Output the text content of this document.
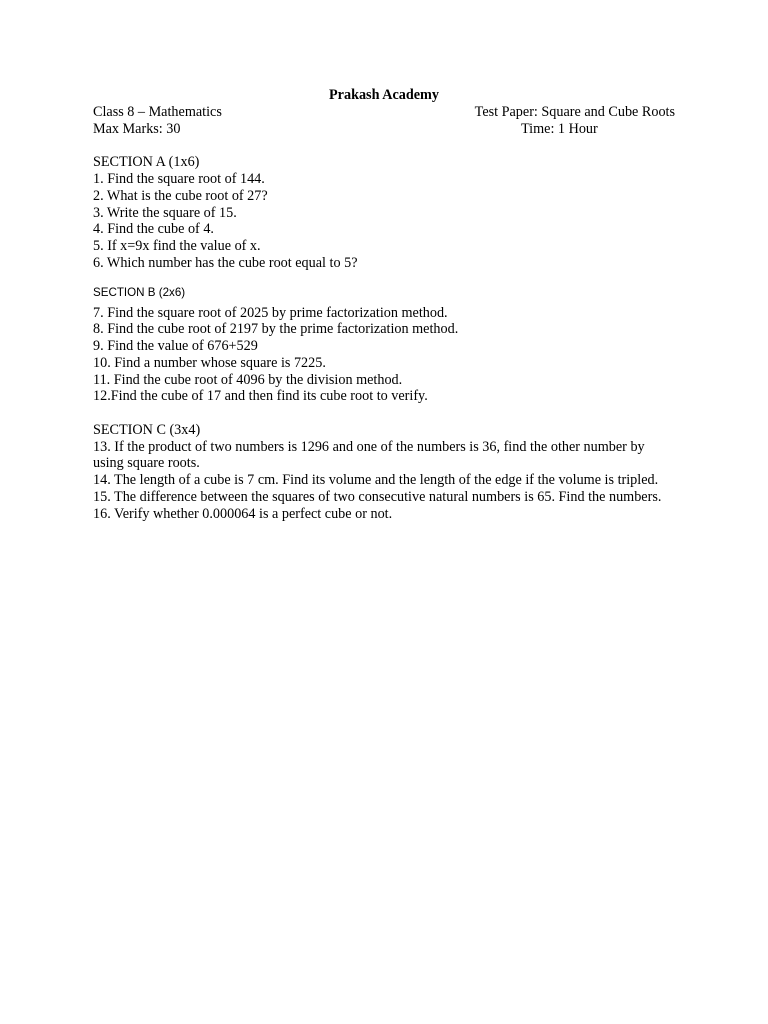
Prakash Academy
Class 8 – Mathematics	Test Paper: Square and Cube Roots
Max Marks: 30	Time: 1 Hour
SECTION A (1x6)
1. Find the square root of 144.
2. What is the cube root of 27?
3. Write the square of 15.
4. Find the cube of 4.
5. If x=9x find the value of x.
6. Which number has the cube root equal to 5?
SECTION B (2x6)
7. Find the square root of 2025 by prime factorization method.
8. Find the cube root of 2197 by the prime factorization method.
9. Find the value of 676+529
10. Find a number whose square is 7225.
11. Find the cube root of 4096 by the division method.
12.Find the cube of 17 and then find its cube root to verify.
SECTION C (3x4)
13. If the product of two numbers is 1296 and one of the numbers is 36, find the other number by using square roots.
14. The length of a cube is 7 cm. Find its volume and the length of the edge if the volume is tripled.
15. The difference between the squares of two consecutive natural numbers is 65. Find the numbers.
16. Verify whether 0.000064 is a perfect cube or not.
